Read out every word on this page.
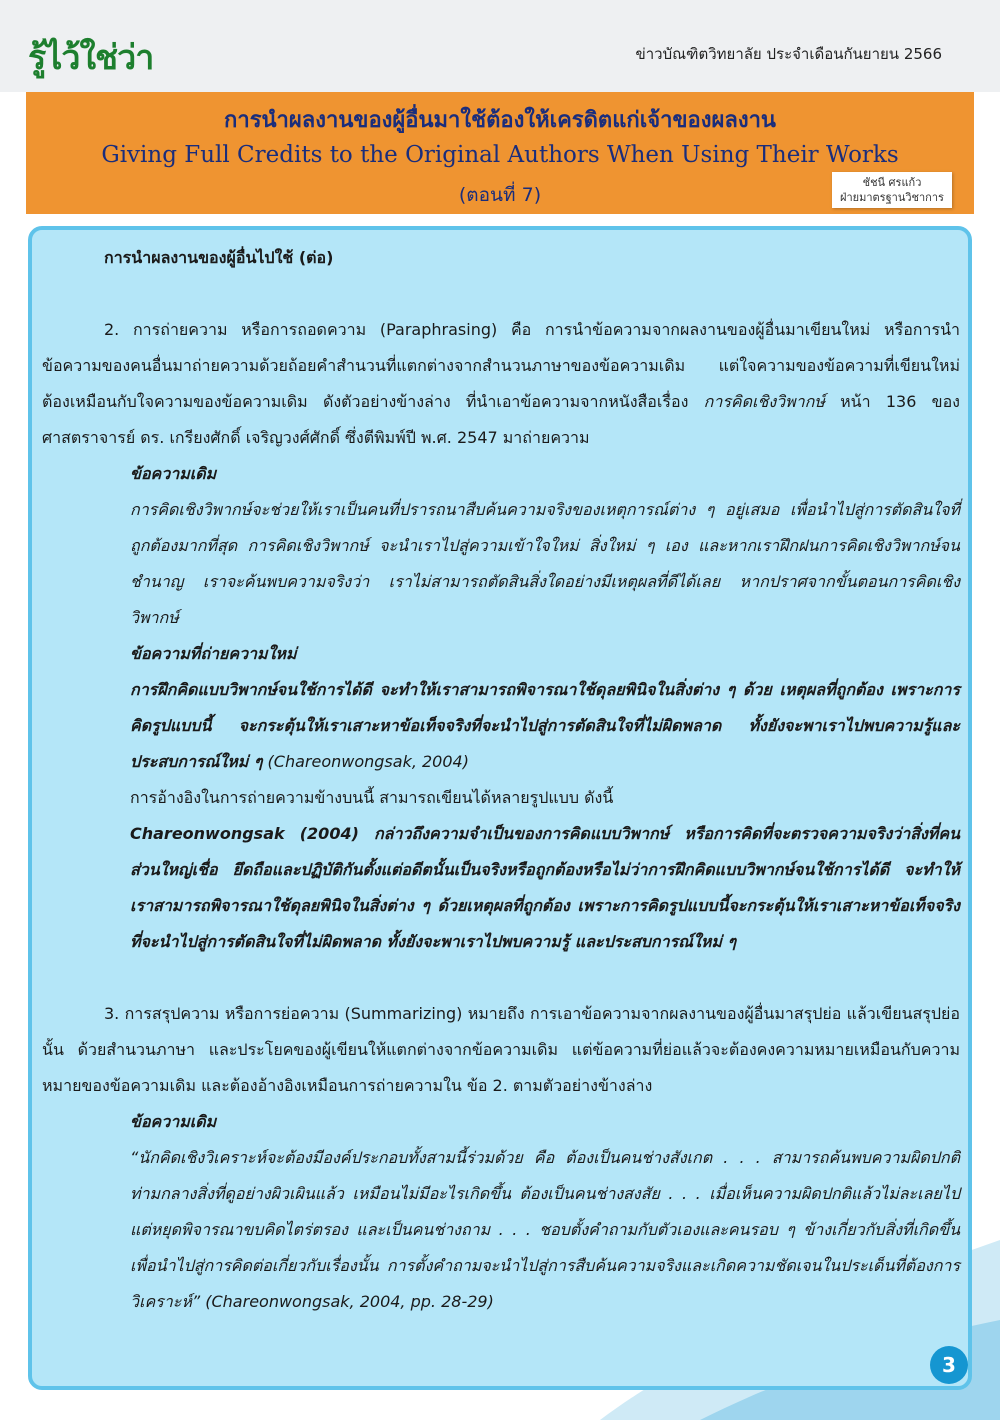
รู้ไว้ใช่ว่า	ข่าวบัณฑิตวิทยาลัย ประจำเดือนกันยายน 2566
การนำผลงานของผู้อื่นมาใช้ต้องให้เครดิตแก่เจ้าของผลงาน
Giving Full Credits to the Original Authors When Using Their Works
(ตอนที่ 7)
ชัชนี ศรแก้ว
ฝ่ายมาตรฐานวิชาการ

การนำผลงานของผู้อื่นไปใช้ (ต่อ)

2. การถ่ายความ หรือการถอดความ (Paraphrasing) คือ การนำข้อความจากผลงานของผู้อื่นมาเขียนใหม่ หรือการนำข้อความของคนอื่นมาถ่ายความด้วยถ้อยคำสำนวนที่แตกต่างจากสำนวนภาษาของข้อความเดิม แต่ใจความของข้อความที่เขียนใหม่ ต้องเหมือนกับใจความของข้อความเดิม ดังตัวอย่างข้างล่าง ที่นำเอาข้อความจากหนังสือเรื่อง การคิดเชิงวิพากษ์ หน้า 136 ของ ศาสตราจารย์ ดร. เกรียงศักดิ์ เจริญวงศ์ศักดิ์ ซึ่งตีพิมพ์ปี พ.ศ. 2547 มาถ่ายความ

ข้อความเดิม

การคิดเชิงวิพากษ์จะช่วยให้เราเป็นคนที่ปรารถนาสืบค้นความจริงของเหตุการณ์ต่าง ๆ อยู่เสมอ เพื่อนำไปสู่การตัดสินใจที่ถูกต้องมากที่สุด การคิดเชิงวิพากษ์ จะนำเราไปสู่ความเข้าใจใหม่ สิ่งใหม่ ๆ เอง และหากเราฝึกฝนการคิดเชิงวิพากษ์จนชำนาญ เราจะค้นพบความจริงว่า เราไม่สามารถตัดสินสิ่งใดอย่างมีเหตุผลที่ดีได้เลย หากปราศจากขั้นตอนการคิดเชิงวิพากษ์

ข้อความที่ถ่ายความใหม่

การฝึกคิดแบบวิพากษ์จนใช้การได้ดี จะทำให้เราสามารถพิจารณาใช้ดุลยพินิจในสิ่งต่าง ๆ ด้วย เหตุผลที่ถูกต้อง เพราะการคิดรูปแบบนี้ จะกระตุ้นให้เราเสาะหาข้อเท็จจริงที่จะนำไปสู่การตัดสินใจที่ไม่ผิดพลาด ทั้งยังจะพาเราไปพบความรู้และประสบการณ์ใหม่ ๆ (Chareonwongsak, 2004)

การอ้างอิงในการถ่ายความข้างบนนี้ สามารถเขียนได้หลายรูปแบบ ดังนี้

Chareonwongsak (2004) กล่าวถึงความจำเป็นของการคิดแบบวิพากษ์ หรือการคิดที่จะตรวจความจริงว่าสิ่งที่คนส่วนใหญ่เชื่อ ยึดถือและปฏิบัติกันตั้งแต่อดีตนั้นเป็นจริงหรือถูกต้องหรือไม่ว่าการฝึกคิดแบบวิพากษ์จนใช้การได้ดี จะทำให้เราสามารถพิจารณาใช้ดุลยพินิจในสิ่งต่าง ๆ ด้วยเหตุผลที่ถูกต้อง เพราะการคิดรูปแบบนี้จะกระตุ้นให้เราเสาะหาข้อเท็จจริงที่จะนำไปสู่การตัดสินใจที่ไม่ผิดพลาด ทั้งยังจะพาเราไปพบความรู้ และประสบการณ์ใหม่ ๆ

3. การสรุปความ หรือการย่อความ (Summarizing) หมายถึง การเอาข้อความจากผลงานของผู้อื่นมาสรุปย่อ แล้วเขียนสรุปย่อนั้น ด้วยสำนวนภาษา และประโยคของผู้เขียนให้แตกต่างจากข้อความเดิม แต่ข้อความที่ย่อแล้วจะต้องคงความหมายเหมือนกับความหมายของข้อความเดิม และต้องอ้างอิงเหมือนการถ่ายความใน ข้อ 2. ตามตัวอย่างข้างล่าง

ข้อความเดิม

“นักคิดเชิงวิเคราะห์จะต้องมีองค์ประกอบทั้งสามนี้ร่วมด้วย คือ ต้องเป็นคนช่างสังเกต . . . สามารถค้นพบความผิดปกติท่ามกลางสิ่งที่ดูอย่างผิวเผินแล้ว เหมือนไม่มีอะไรเกิดขึ้น ต้องเป็นคนช่างสงสัย . . . เมื่อเห็นความผิดปกติแล้วไม่ละเลยไป แต่หยุดพิจารณาขบคิดไตร่ตรอง และเป็นคนช่างถาม . . . ชอบตั้งคำถามกับตัวเองและคนรอบ ๆ ข้างเกี่ยวกับสิ่งที่เกิดขึ้น เพื่อนำไปสู่การคิดต่อเกี่ยวกับเรื่องนั้น การตั้งคำถามจะนำไปสู่การสืบค้นความจริงและเกิดความชัดเจนในประเด็นที่ต้องการวิเคราะห์” (Chareonwongsak, 2004, pp. 28-29)

3
